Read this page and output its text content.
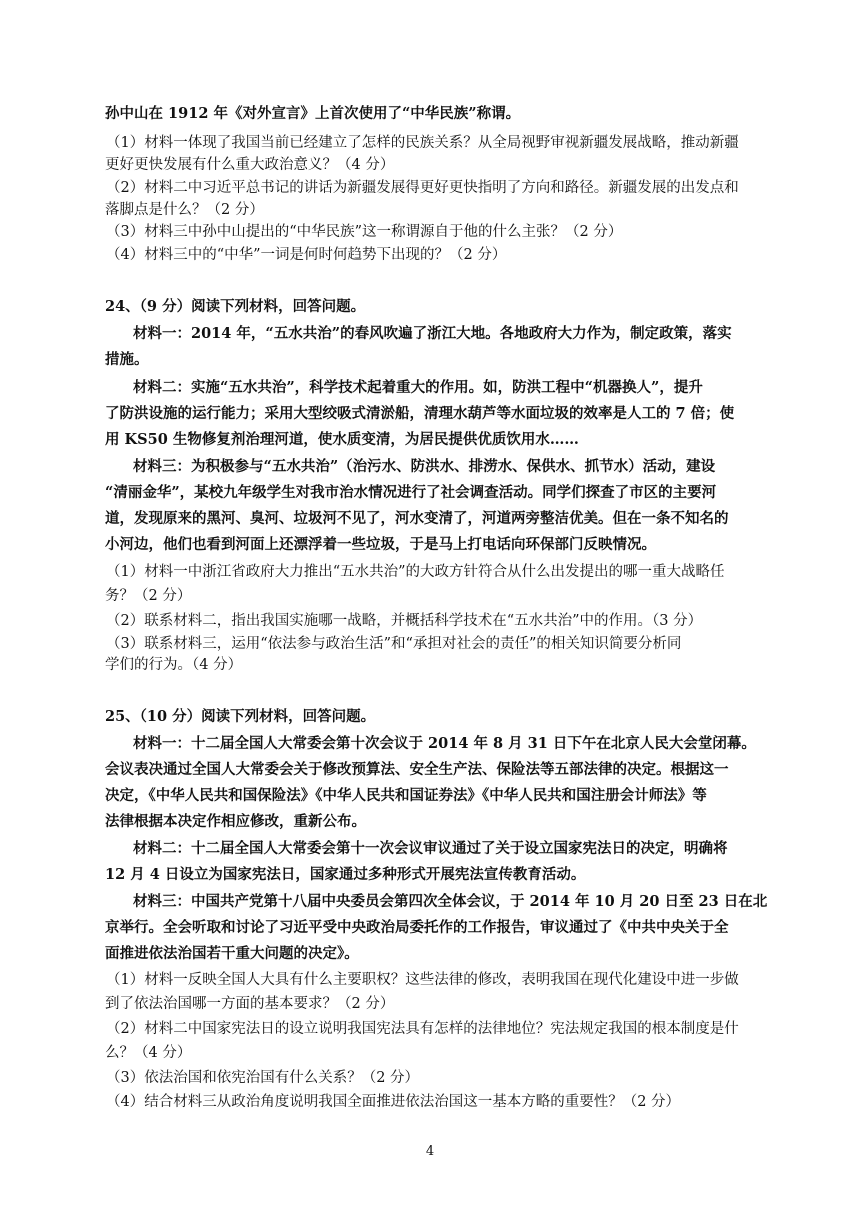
孙中山在 1912 年《对外宣言》上首次使用了“中华民族”称谓。
（1）材料一体现了我国当前已经建立了怎样的民族关系？从全局视野审视新疆发展战略，推动新疆
更好更快发展有什么重大政治意义？（4 分）
（2）材料二中习近平总书记的讲话为新疆发展得更好更快指明了方向和路径。新疆发展的出发点和
落脚点是什么？（2 分）
（3）材料三中孙中山提出的“中华民族”这一称谓源自于他的什么主张？（2 分）
（4）材料三中的“中华”一词是何时何趋势下出现的？（2 分）
24、（9 分）阅读下列材料，回答问题。
材料一：2014 年，“五水共治”的春风吹遍了浙江大地。各地政府大力作为，制定政策，落实
措施。
材料二：实施“五水共治”，科学技术起着重大的作用。如，防洪工程中“机器换人”，提升
了防洪设施的运行能力；采用大型绞吸式清淤船，清理水葫芦等水面垃圾的效率是人工的 7 倍；使
用 KS50 生物修复剂治理河道，使水质变清，为居民提供优质饮用水……
材料三：为积极参与“五水共治”（治污水、防洪水、排涝水、保供水、抓节水）活动，建设
“清丽金华”，某校九年级学生对我市治水情况进行了社会调查活动。同学们探查了市区的主要河
道，发现原来的黑河、臭河、垃圾河不见了，河水变清了，河道两旁整洁优美。但在一条不知名的
小河边，他们也看到河面上还漂浮着一些垃圾，于是马上打电话向环保部门反映情况。
（1）材料一中浙江省政府大力推出“五水共治”的大政方针符合从什么出发提出的哪一重大战略任
务？（2 分）
（2）联系材料二，指出我国实施哪一战略，并概括科学技术在“五水共治”中的作用。（3 分）
（3）联系材料三，运用“依法参与政治生活”和“承担对社会的责任”的相关知识简要分析同
学们的行为。（4 分）
25、（10 分）阅读下列材料，回答问题。
材料一：十二届全国人大常委会第十次会议于 2014 年 8 月 31 日下午在北京人民大会堂闭幕。
会议表决通过全国人大常委会关于修改预算法、安全生产法、保险法等五部法律的决定。根据这一
决定，《中华人民共和国保险法》《中华人民共和国证券法》《中华人民共和国注册会计师法》等
法律根据本决定作相应修改，重新公布。
材料二：十二届全国人大常委会第十一次会议审议通过了关于设立国家宪法日的决定，明确将
12 月 4 日设立为国家宪法日，国家通过多种形式开展宪法宣传教育活动。
材料三：中国共产党第十八届中央委员会第四次全体会议，于 2014 年 10 月 20 日至 23 日在北
京举行。全会听取和讨论了习近平受中央政治局委托作的工作报告，审议通过了《中共中央关于全
面推进依法治国若干重大问题的决定》。
（1）材料一反映全国人大具有什么主要职权？这些法律的修改，表明我国在现代化建设中进一步做
到了依法治国哪一方面的基本要求？（2 分）
（2）材料二中国家宪法日的设立说明我国宪法具有怎样的法律地位？宪法规定我国的根本制度是什
么？（4 分）
（3）依法治国和依宪治国有什么关系？（2 分）
（4）结合材料三从政治角度说明我国全面推进依法治国这一基本方略的重要性？（2 分）
4
